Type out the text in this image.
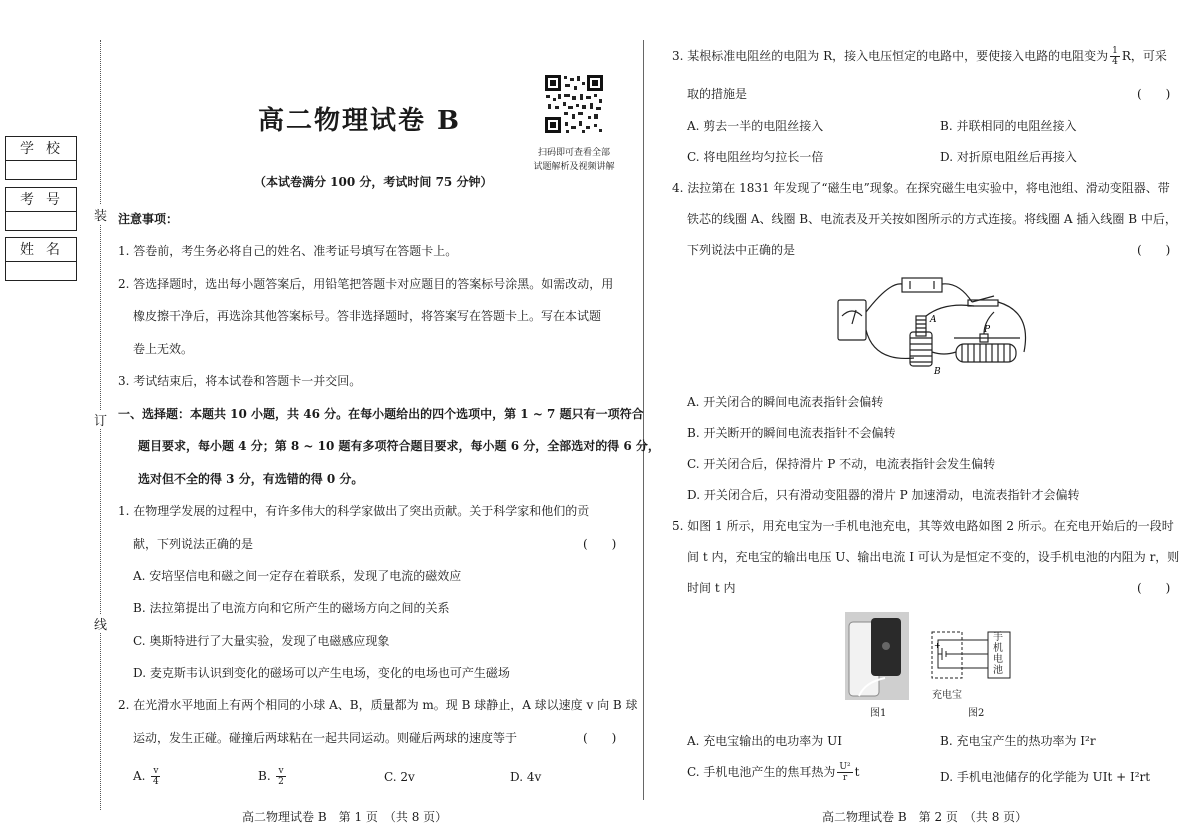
学校
考号
姓名
装
订
线
高二物理试卷 B
扫码即可查看全部
试题解析及视频讲解
（本试卷满分 100 分，考试时间 75 分钟）
注意事项：
1. 答卷前，考生务必将自己的姓名、准考证号填写在答题卡上。
2. 答选择题时，选出每小题答案后，用铅笔把答题卡对应题目的答案标号涂黑。如需改动，用
橡皮擦干净后，再选涂其他答案标号。答非选择题时，将答案写在答题卡上。写在本试题
卷上无效。
3. 考试结束后，将本试卷和答题卡一并交回。
一、选择题：本题共 10 小题，共 46 分。在每小题给出的四个选项中，第 1 ~ 7 题只有一项符合
题目要求，每小题 4 分；第 8 ~ 10 题有多项符合题目要求，每小题 6 分，全部选对的得 6 分，
选对但不全的得 3 分，有选错的得 0 分。
1. 在物理学发展的过程中，有许多伟大的科学家做出了突出贡献。关于科学家和他们的贡
献，下列说法正确的是	(　　)
A. 安培坚信电和磁之间一定存在着联系，发现了电流的磁效应
B. 法拉第提出了电流方向和它所产生的磁场方向之间的关系
C. 奥斯特进行了大量实验，发现了电磁感应现象
D. 麦克斯韦认识到变化的磁场可以产生电场，变化的电场也可产生磁场
2. 在光滑水平地面上有两个相同的小球 A、B，质量都为 m。现 B 球静止，A 球以速度 v 向 B 球
运动，发生正碰。碰撞后两球粘在一起共同运动。则碰后两球的速度等于	(　　)
A. $\frac{v}{4}$	B. $\frac{v}{2}$	C. 2v	D. 4v
高二物理试卷 B　第 1 页　（共 8 页）
3. 某根标准电阻丝的电阻为 R，接入电压恒定的电路中，要使接入电路的电阻变为 $\frac{1}{4}$ R，可采
取的措施是	(　　)
A. 剪去一半的电阻丝接入	B. 并联相同的电阻丝接入
C. 将电阻丝均匀拉长一倍	D. 对折原电阻丝后再接入
4. 法拉第在 1831 年发现了“磁生电”现象。在探究磁生电实验中，将电池组、滑动变阻器、带
铁芯的线圈 A、线圈 B、电流表及开关按如图所示的方式连接。将线圈 A 插入线圈 B 中后，
下列说法中正确的是	(　　)
A
B
P
A. 开关闭合的瞬间电流表指针会偏转
B. 开关断开的瞬间电流表指针不会偏转
C. 开关闭合后，保持滑片 P 不动，电流表指针会发生偏转
D. 开关闭合后，只有滑动变阻器的滑片 P 加速滑动，电流表指针才会偏转
5. 如图 1 所示，用充电宝为一手机电池充电，其等效电路如图 2 所示。在充电开始后的一段时
间 t 内，充电宝的输出电压 U、输出电流 I 可认为是恒定不变的，设手机电池的内阻为 r，则
时间 t 内	(　　)
图1
+
手机电池
充电宝
图2
A. 充电宝输出的电功率为 UI	B. 充电宝产生的热功率为 I²r
C. 手机电池产生的焦耳热为 $\frac{\text{U²}}{r}$ t	D. 手机电池储存的化学能为 UIt + I²rt
高二物理试卷 B　第 2 页　（共 8 页）
